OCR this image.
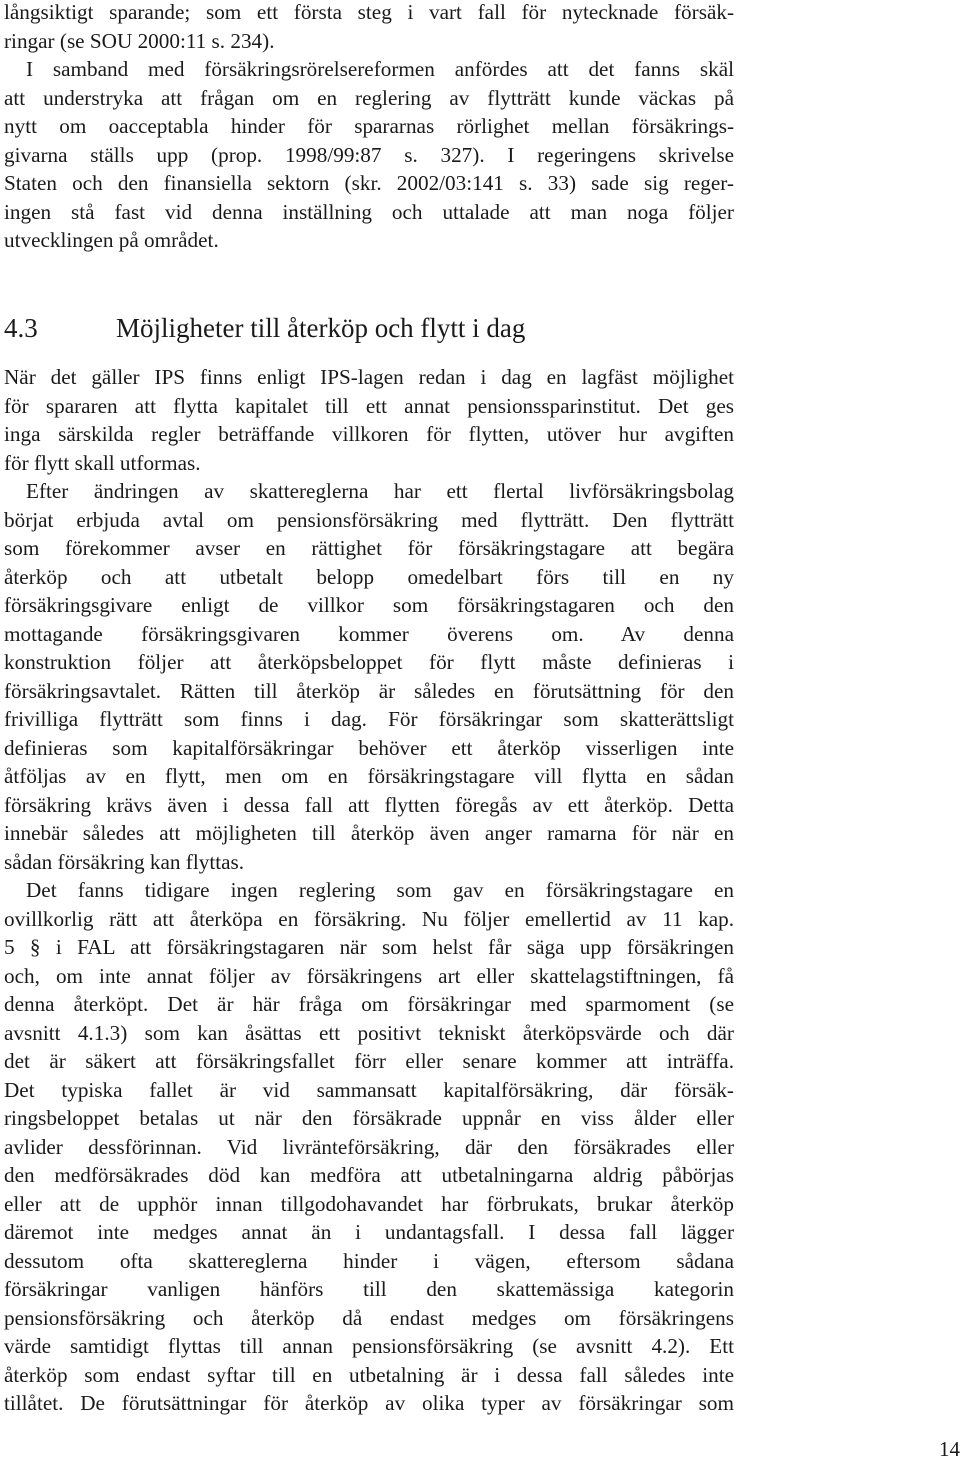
långsiktigt sparande; som ett första steg i vart fall för nytecknade försäk-
ringar (se SOU 2000:11 s. 234).
I samband med försäkringsrörelsereformen anfördes att det fanns skäl
att understryka att frågan om en reglering av flytträtt kunde väckas på
nytt om oacceptabla hinder för spararnas rörlighet mellan försäkrings-
givarna ställs upp (prop. 1998/99:87 s. 327). I regeringens skrivelse
Staten och den finansiella sektorn (skr. 2002/03:141 s. 33) sade sig reger-
ingen stå fast vid denna inställning och uttalade att man noga följer
utvecklingen på området.
4.3	Möjligheter till återköp och flytt i dag
När det gäller IPS finns enligt IPS-lagen redan i dag en lagfäst möjlighet
för spararen att flytta kapitalet till ett annat pensionssparinstitut. Det ges
inga särskilda regler beträffande villkoren för flytten, utöver hur avgiften
för flytt skall utformas.
Efter ändringen av skattereglerna har ett flertal livförsäkringsbolag
börjat erbjuda avtal om pensionsförsäkring med flytträtt. Den flytträtt
som förekommer avser en rättighet för försäkringstagare att begära
återköp och att utbetalt belopp omedelbart förs till en ny
försäkringsgivare enligt de villkor som försäkringstagaren och den
mottagande försäkringsgivaren kommer överens om. Av denna
konstruktion följer att återköpsbeloppet för flytt måste definieras i
försäkringsavtalet. Rätten till återköp är således en förutsättning för den
frivilliga flytträtt som finns i dag. För försäkringar som skatterättsligt
definieras som kapitalförsäkringar behöver ett återköp visserligen inte
åtföljas av en flytt, men om en försäkringstagare vill flytta en sådan
försäkring krävs även i dessa fall att flytten föregås av ett återköp. Detta
innebär således att möjligheten till återköp även anger ramarna för när en
sådan försäkring kan flyttas.
Det fanns tidigare ingen reglering som gav en försäkringstagare en
ovillkorlig rätt att återköpa en försäkring. Nu följer emellertid av 11 kap.
5 § i FAL att försäkringstagaren när som helst får säga upp försäkringen
och, om inte annat följer av försäkringens art eller skattelagstiftningen, få
denna återköpt. Det är här fråga om försäkringar med sparmoment (se
avsnitt 4.1.3) som kan åsättas ett positivt tekniskt återköpsvärde och där
det är säkert att försäkringsfallet förr eller senare kommer att inträffa.
Det typiska fallet är vid sammansatt kapitalförsäkring, där försäk-
ringsbeloppet betalas ut när den försäkrade uppnår en viss ålder eller
avlider dessförinnan. Vid livränteförsäkring, där den försäkrades eller
den medförsäkrades död kan medföra att utbetalningarna aldrig påbörjas
eller att de upphör innan tillgodohavandet har förbrukats, brukar återköp
däremot inte medges annat än i undantagsfall. I dessa fall lägger
dessutom ofta skattereglerna hinder i vägen, eftersom sådana
försäkringar vanligen hänförs till den skattemässiga kategorin
pensionsförsäkring och återköp då endast medges om försäkringens
värde samtidigt flyttas till annan pensionsförsäkring (se avsnitt 4.2). Ett
återköp som endast syftar till en utbetalning är i dessa fall således inte
tillåtet. De förutsättningar för återköp av olika typer av försäkringar som
14
